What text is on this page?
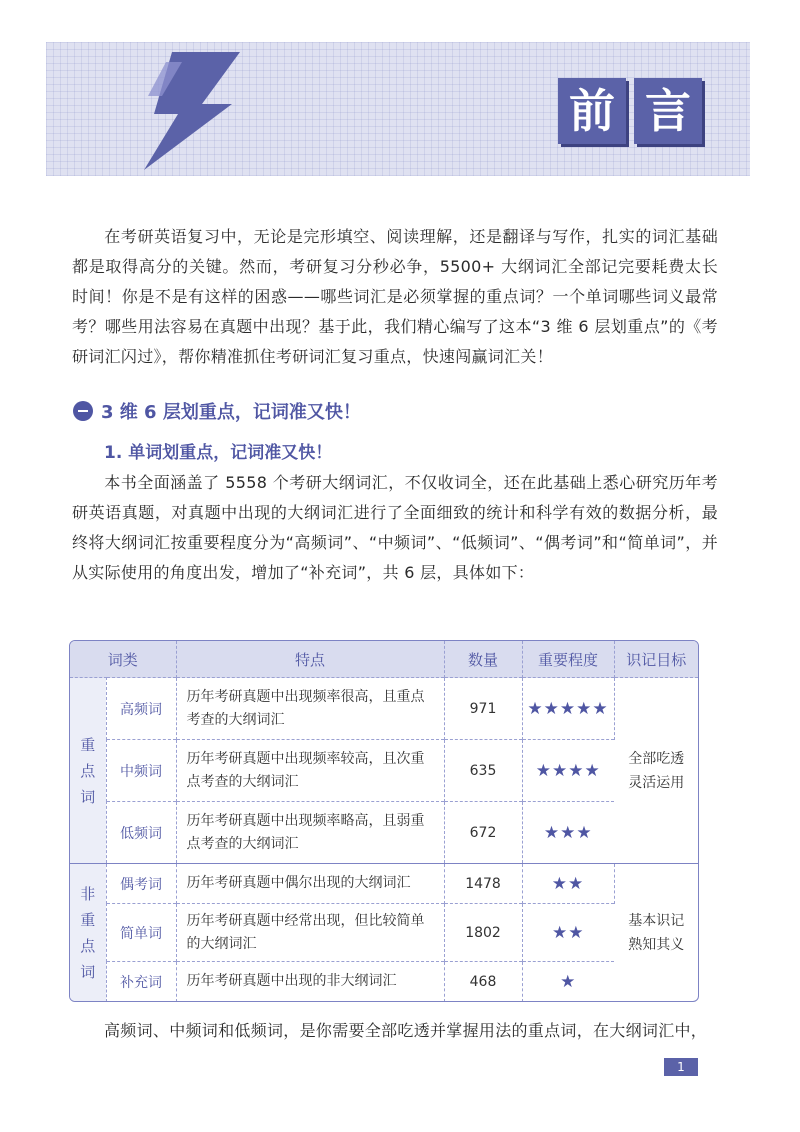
前 言

在考研英语复习中，无论是完形填空、阅读理解，还是翻译与写作，扎实的词汇基础都是取得高分的关键。然而，考研复习分秒必争，5500+ 大纲词汇全部记完要耗费太长时间！你是不是有这样的困惑——哪些词汇是必须掌握的重点词？一个单词哪些词义最常考？哪些用法容易在真题中出现？基于此，我们精心编写了这本“3 维 6 层划重点”的《考研词汇闪过》，帮你精准抓住考研词汇复习重点，快速闯赢词汇关！

3 维 6 层划重点，记词准又快！
1. 单词划重点，记词准又快！

本书全面涵盖了 5558 个考研大纲词汇，不仅收词全，还在此基础上悉心研究历年考研英语真题，对真题中出现的大纲词汇进行了全面细致的统计和科学有效的数据分析，最终将大纲词汇按重要程度分为“高频词”、“中频词”、“低频词”、“偶考词”和“简单词”，并从实际使用的角度出发，增加了“补充词”，共 6 层，具体如下：

词类		特点	数量	重要程度	识记目标
重点词	高频词	历年考研真题中出现频率很高，且重点考查的大纲词汇	971	★★★★★	全部吃透
灵活运用
	中频词	历年考研真题中出现频率较高，且次重点考查的大纲词汇	635	★★★★	
	低频词	历年考研真题中出现频率略高，且弱重点考查的大纲词汇	672	★★★	
非重点词	偶考词	历年考研真题中偶尔出现的大纲词汇	1478	★★	基本识记
熟知其义
	简单词	历年考研真题中经常出现，但比较简单的大纲词汇	1802	★★	
	补充词	历年考研真题中出现的非大纲词汇	468	★	

高频词、中频词和低频词，是你需要全部吃透并掌握用法的重点词，在大纲词汇中，

1
